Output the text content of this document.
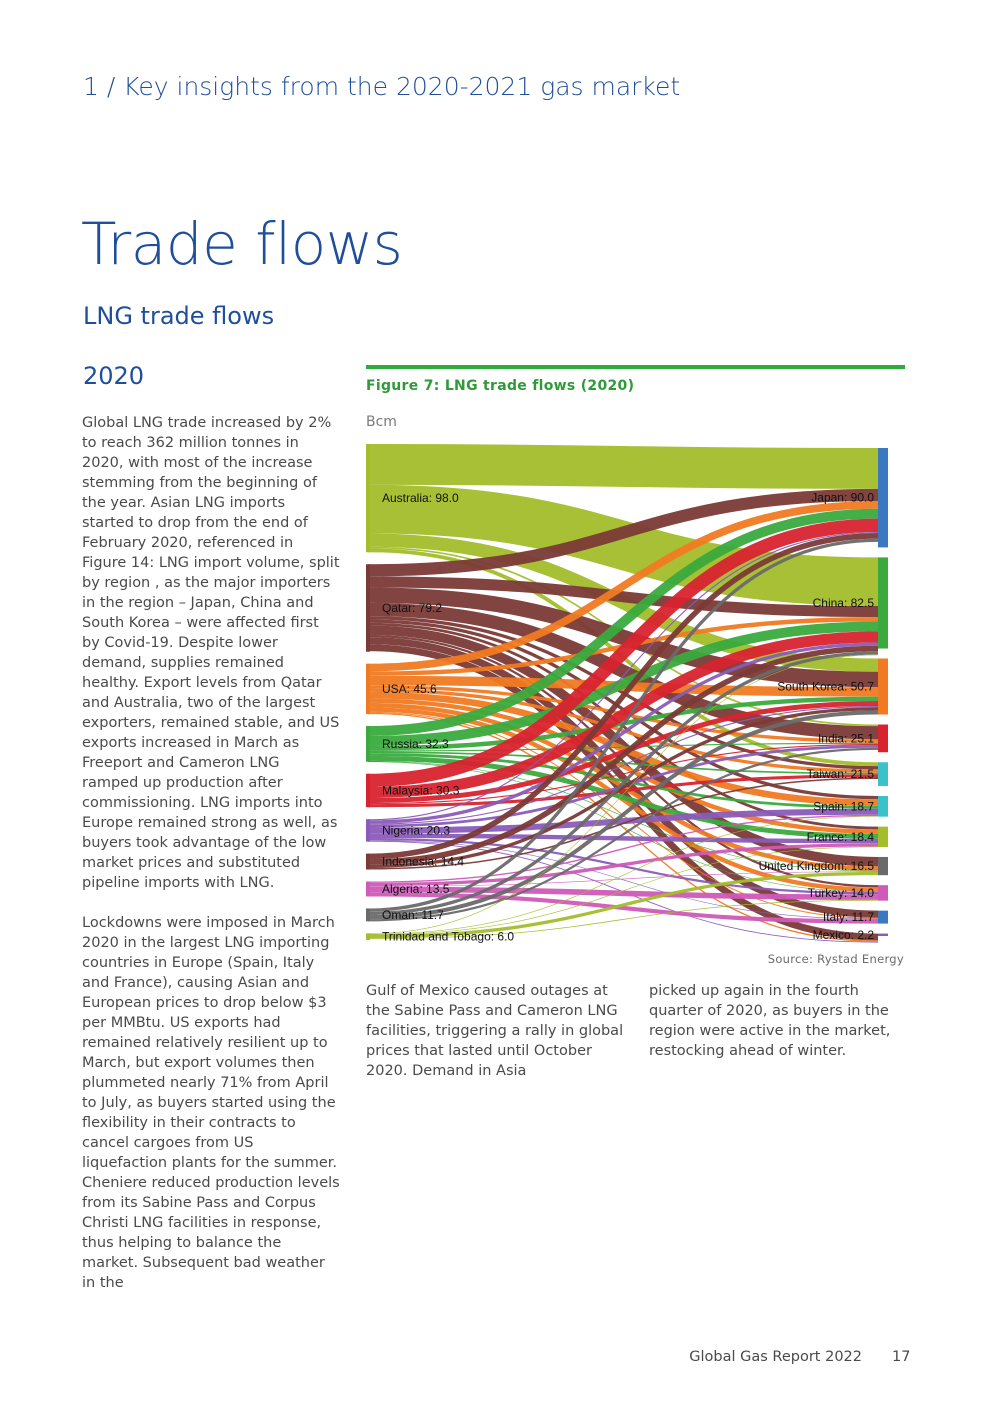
1 / Key insights from the 2020-2021 gas market
Trade flows
LNG trade flows
2020

Global LNG trade increased by 2% to reach 362 million tonnes in 2020, with most of the increase stemming from the beginning of the year. Asian LNG imports started to drop from the end of February 2020, referenced in Figure 14: LNG import volume, split by region , as the major importers in the region – Japan, China and South Korea – were affected first by Covid-19. Despite lower demand, supplies remained healthy. Export levels from Qatar and Australia, two of the largest exporters, remained stable, and US exports increased in March as Freeport and Cameron LNG ramped up production after commissioning. LNG imports into Europe remained strong as well, as buyers took advantage of the low market prices and substituted pipeline imports with LNG.

Lockdowns were imposed in March 2020 in the largest LNG importing countries in Europe (Spain, Italy and France), causing Asian and European prices to drop below $3 per MMBtu. US exports had remained relatively resilient up to March, but export volumes then plummeted nearly 71% from April to July, as buyers started using the flexibility in their contracts to cancel cargoes from US liquefaction plants for the summer. Cheniere reduced production levels from its Sabine Pass and Corpus Christi LNG facilities in response, thus helping to balance the market. Subsequent bad weather in the

Gulf of Mexico caused outages at the Sabine Pass and Cameron LNG facilities, triggering a rally in global prices that lasted until October 2020. Demand in Asia

picked up again in the fourth quarter of 2020, as buyers in the region were active in the market, restocking ahead of winter.

Figure 7: LNG trade flows (2020)
Bcm
Australia: 98.0
Qatar: 79.2
USA: 45.6
Russia: 32.3
Malaysia: 30.3
Nigeria: 20.3
Indonesia: 14.4
Algeria: 13.5
Oman: 11.7
Trinidad and Tobago: 6.0
Japan: 90.0
China: 82.5
South Korea: 50.7
India: 25.1
Taiwan: 21.5
Spain: 18.7
France: 18.4
United Kingdom: 16.5
Turkey: 14.0
Italy: 11.7
Mexico: 2.2
Source: Rystad Energy
Global Gas Report 2022 17
